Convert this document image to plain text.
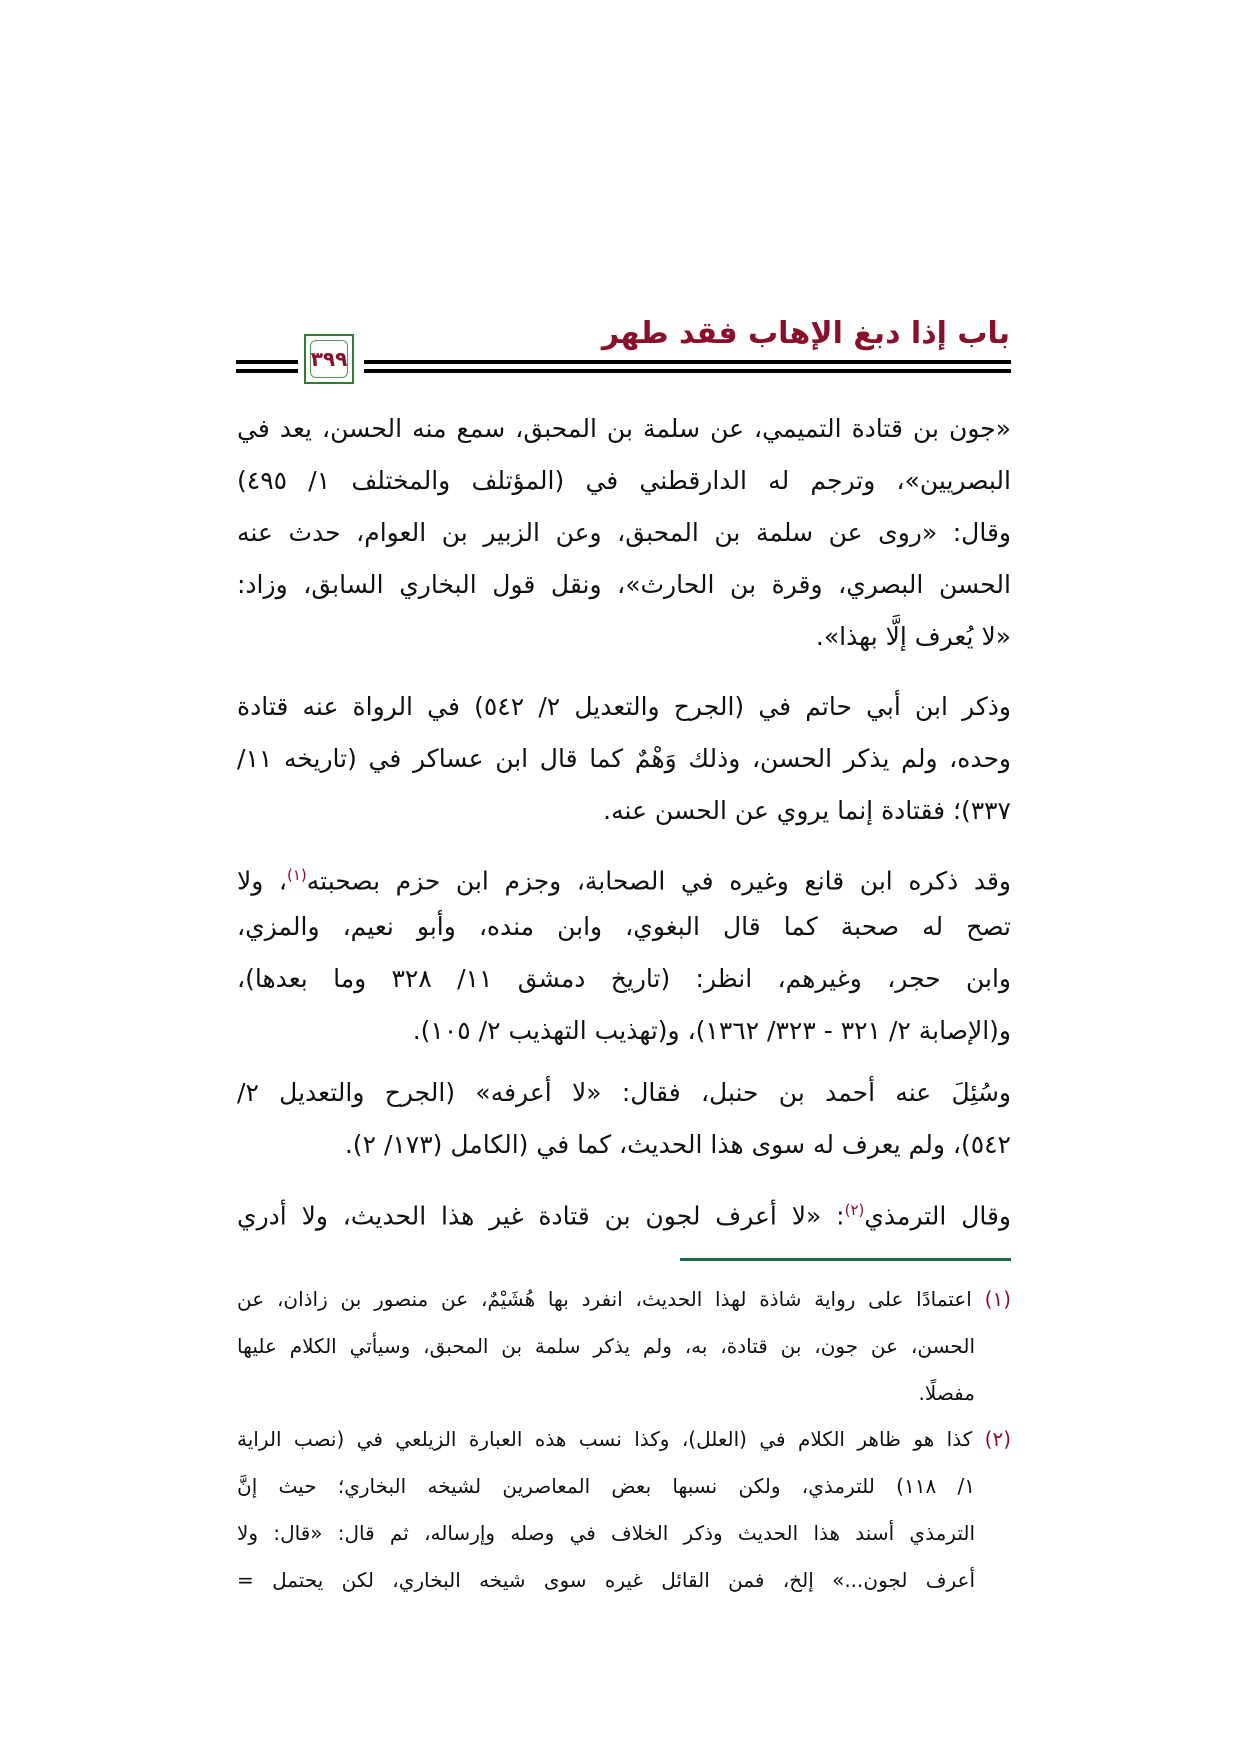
باب إذا دبغ الإهاب فقد طهر
٣٩٩
«جون بن قتادة التميمي، عن سلمة بن المحبق، سمع منه الحسن، يعد في
البصريين»، وترجم له الدارقطني في (المؤتلف والمختلف ١/ ٤٩٥)
وقال: «روى عن سلمة بن المحبق، وعن الزبير بن العوام، حدث عنه
الحسن البصري، وقرة بن الحارث»، ونقل قول البخاري السابق، وزاد:
«لا يُعرف إلَّا بهذا».
وذكر ابن أبي حاتم في (الجرح والتعديل ٢/ ٥٤٢) في الرواة عنه قتادة
وحده، ولم يذكر الحسن، وذلك وَهْمٌ كما قال ابن عساكر في (تاريخه ١١/
٣٣٧)؛ فقتادة إنما يروي عن الحسن عنه.
وقد ذكره ابن قانع وغيره في الصحابة، وجزم ابن حزم بصحبته$^{(١)}$، ولا
تصح له صحبة كما قال البغوي، وابن منده، وأبو نعيم، والمزي،
وابن حجر، وغيرهم، انظر: (تاريخ دمشق ١١/ ٣٢٨ وما بعدها)،
و(الإصابة ٢/ ٣٢١ - ٣٢٣/ ١٣٦٢)، و(تهذيب التهذيب ٢/ ١٠٥).
وسُئِلَ عنه أحمد بن حنبل، فقال: «لا أعرفه» (الجرح والتعديل ٢/
٥٤٢)، ولم يعرف له سوى هذا الحديث، كما في (الكامل (١٧٣/ ٢).
وقال الترمذي$^{(٢)}$: «لا أعرف لجون بن قتادة غير هذا الحديث، ولا أدري
(١) اعتمادًا على رواية شاذة لهذا الحديث، انفرد بها هُشَيْمٌ، عن منصور بن زاذان، عن
الحسن، عن جون، بن قتادة، به، ولم يذكر سلمة بن المحبق، وسيأتي الكلام عليها
مفصلًا.
(٢) كذا هو ظاهر الكلام في (العلل)، وكذا نسب هذه العبارة الزيلعي في (نصب الراية
١/ ١١٨) للترمذي، ولكن نسبها بعض المعاصرين لشيخه البخاري؛ حيث إنَّ
الترمذي أسند هذا الحديث وذكر الخلاف في وصله وإرساله، ثم قال: «قال: ولا
أعرف لجون...» إلخ، فمن القائل غيره سوى شيخه البخاري، لكن يحتمل =
